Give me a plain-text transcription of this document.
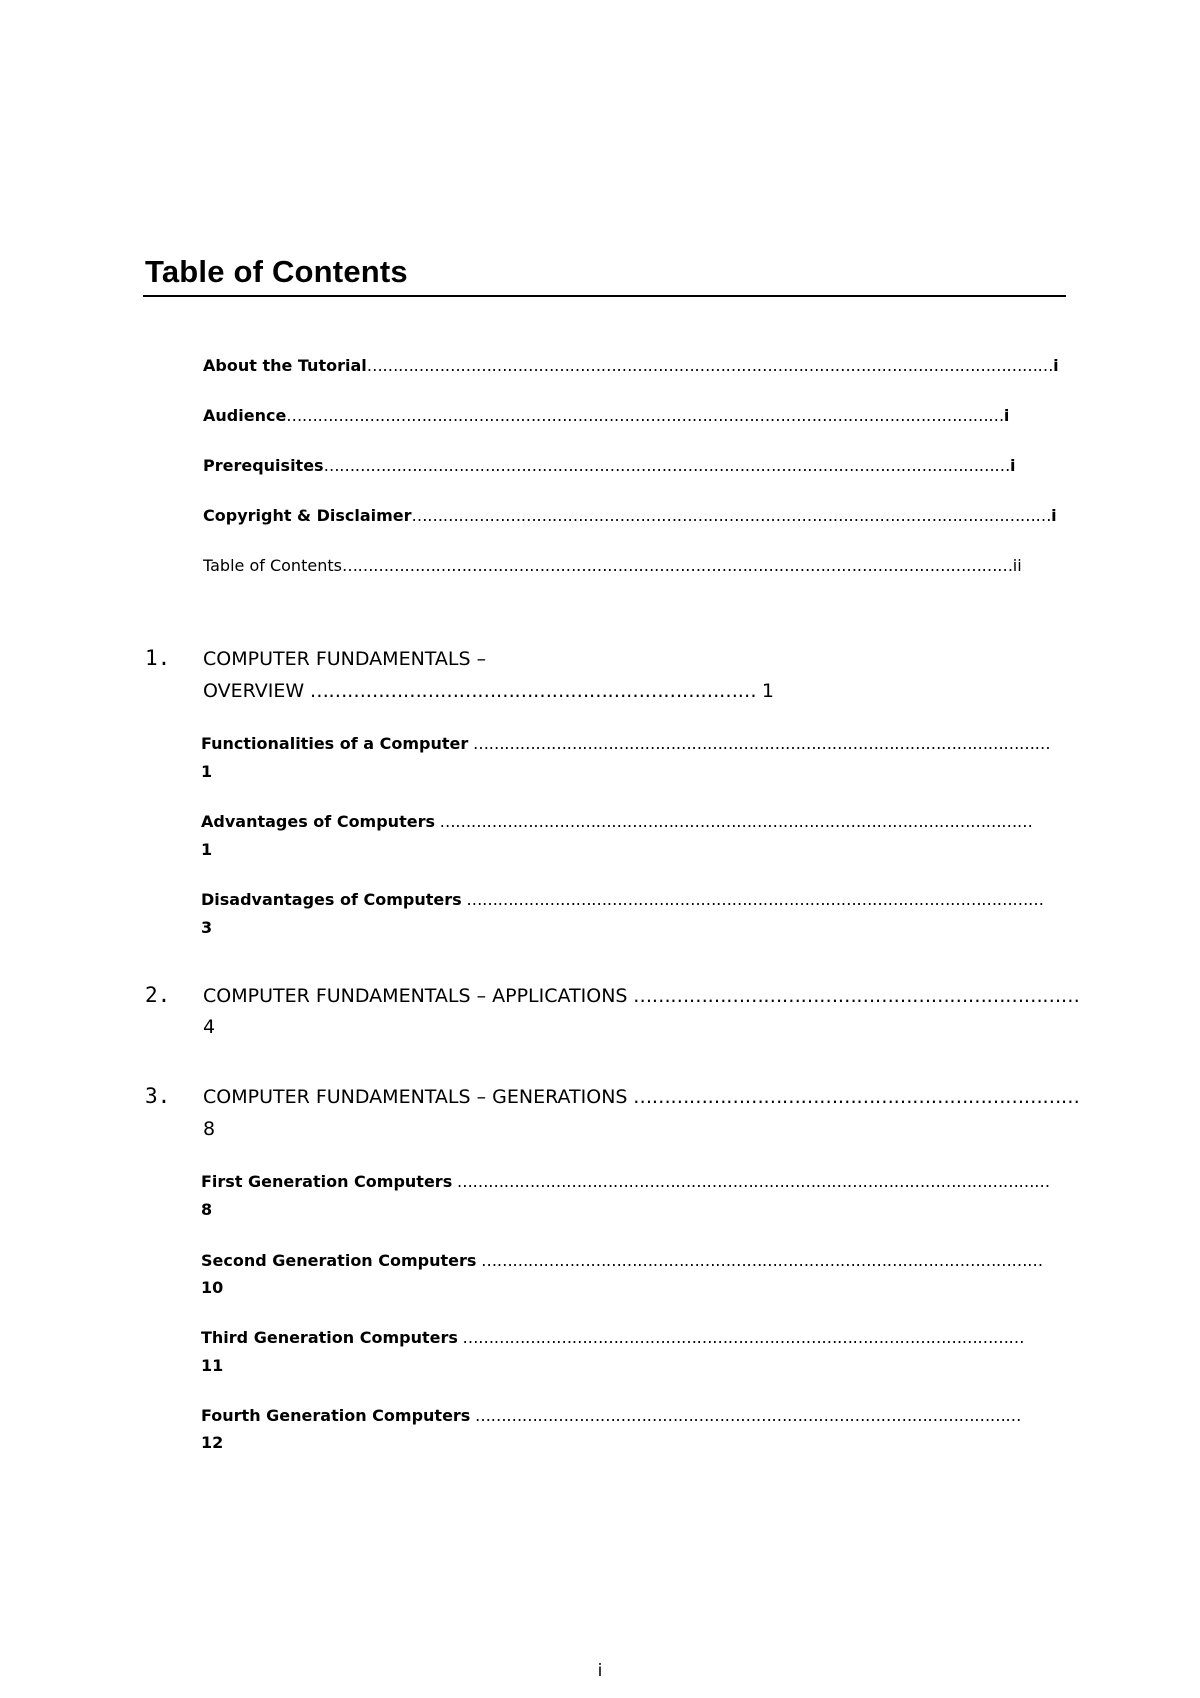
Table of Contents
About the Tutorial……………………………………………………………………………………………………………………i
Audience…………………………………………………………………………………………………………………………i
Prerequisites……………………………………………………………………………………………………………………i
Copyright & Disclaimer……………………………………………………………………………………………………………i
Table of Contents…………………………………………………………………………………………………………………ii
1. COMPUTER FUNDAMENTALS –
OVERVIEW ……………………………………………………………… 1
Functionalities of a Computer …………………………………………………………………………………………………
1
Advantages of Computers ……………………………………………………………………………………………………
1
Disadvantages of Computers …………………………………………………………………………………………………
3
2. COMPUTER FUNDAMENTALS – APPLICATIONS ………………………………………………………………
4
3. COMPUTER FUNDAMENTALS – GENERATIONS ………………………………………………………………
8
First Generation Computers ……………………………………………………………………………………………………
8
Second Generation Computers ………………………………………………………………………………………………
10
Third Generation Computers ………………………………………………………………………………………………
11
Fourth Generation Computers ……………………………………………………………………………………………
12
i
